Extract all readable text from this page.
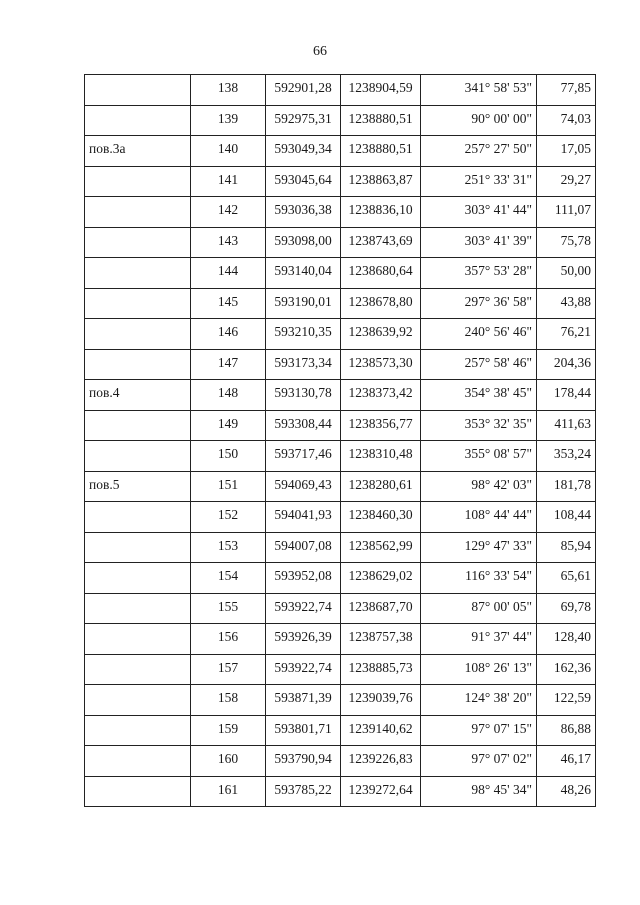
66
	138	592901,28	1238904,59	341° 58' 53"	77,85
	139	592975,31	1238880,51	90° 00' 00"	74,03
пов.3а	140	593049,34	1238880,51	257° 27' 50"	17,05
	141	593045,64	1238863,87	251° 33' 31"	29,27
	142	593036,38	1238836,10	303° 41' 44"	111,07
	143	593098,00	1238743,69	303° 41' 39"	75,78
	144	593140,04	1238680,64	357° 53' 28"	50,00
	145	593190,01	1238678,80	297° 36' 58"	43,88
	146	593210,35	1238639,92	240° 56' 46"	76,21
	147	593173,34	1238573,30	257° 58' 46"	204,36
пов.4	148	593130,78	1238373,42	354° 38' 45"	178,44
	149	593308,44	1238356,77	353° 32' 35"	411,63
	150	593717,46	1238310,48	355° 08' 57"	353,24
пов.5	151	594069,43	1238280,61	98° 42' 03"	181,78
	152	594041,93	1238460,30	108° 44' 44"	108,44
	153	594007,08	1238562,99	129° 47' 33"	85,94
	154	593952,08	1238629,02	116° 33' 54"	65,61
	155	593922,74	1238687,70	87° 00' 05"	69,78
	156	593926,39	1238757,38	91° 37' 44"	128,40
	157	593922,74	1238885,73	108° 26' 13"	162,36
	158	593871,39	1239039,76	124° 38' 20"	122,59
	159	593801,71	1239140,62	97° 07' 15"	86,88
	160	593790,94	1239226,83	97° 07' 02"	46,17
	161	593785,22	1239272,64	98° 45' 34"	48,26
